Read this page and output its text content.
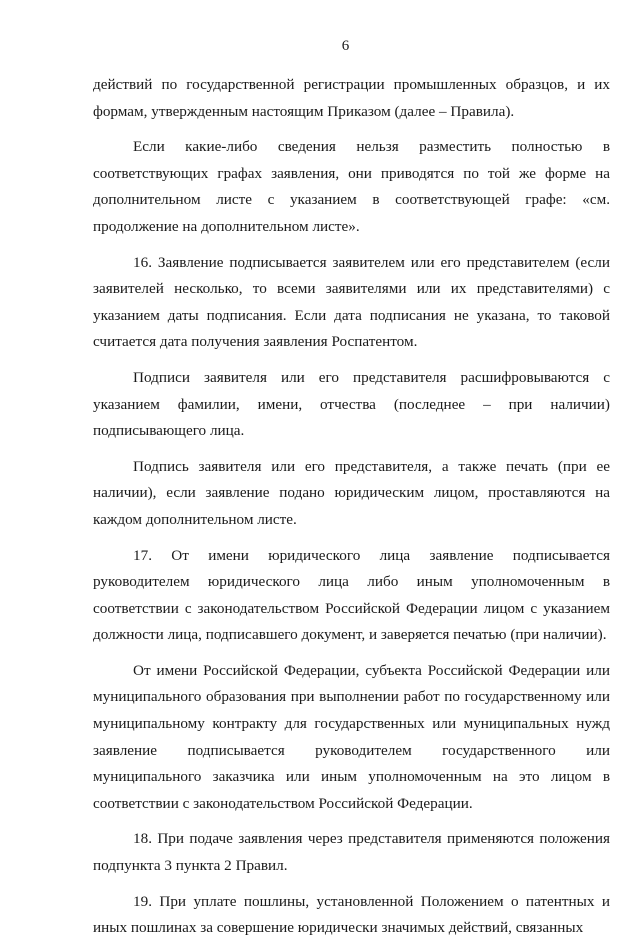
6

действий по государственной регистрации промышленных образцов, и их формам, утвержденным настоящим Приказом (далее – Правила).

Если какие-либо сведения нельзя разместить полностью в соответствующих графах заявления, они приводятся по той же форме на дополнительном листе с указанием в соответствующей графе: «см. продолжение на дополнительном листе».

16. Заявление подписывается заявителем или его представителем (если заявителей несколько, то всеми заявителями или их представителями) с указанием даты подписания. Если дата подписания не указана, то таковой считается дата получения заявления Роспатентом.

Подписи заявителя или его представителя расшифровываются с указанием фамилии, имени, отчества (последнее – при наличии) подписывающего лица.

Подпись заявителя или его представителя, а также печать (при ее наличии), если заявление подано юридическим лицом, проставляются на каждом дополнительном листе.

17. От имени юридического лица заявление подписывается руководителем юридического лица либо иным уполномоченным в соответствии с законодательством Российской Федерации лицом с указанием должности лица, подписавшего документ, и заверяется печатью (при наличии).

От имени Российской Федерации, субъекта Российской Федерации или муниципального образования при выполнении работ по государственному или муниципальному контракту для государственных или муниципальных нужд заявление подписывается руководителем государственного или муниципального заказчика или иным уполномоченным на это лицом в соответствии с законодательством Российской Федерации.

18. При подаче заявления через представителя применяются положения подпункта 3 пункта 2 Правил.

19. При уплате пошлины, установленной Положением о патентных и иных пошлинах за совершение юридически значимых действий, связанных
